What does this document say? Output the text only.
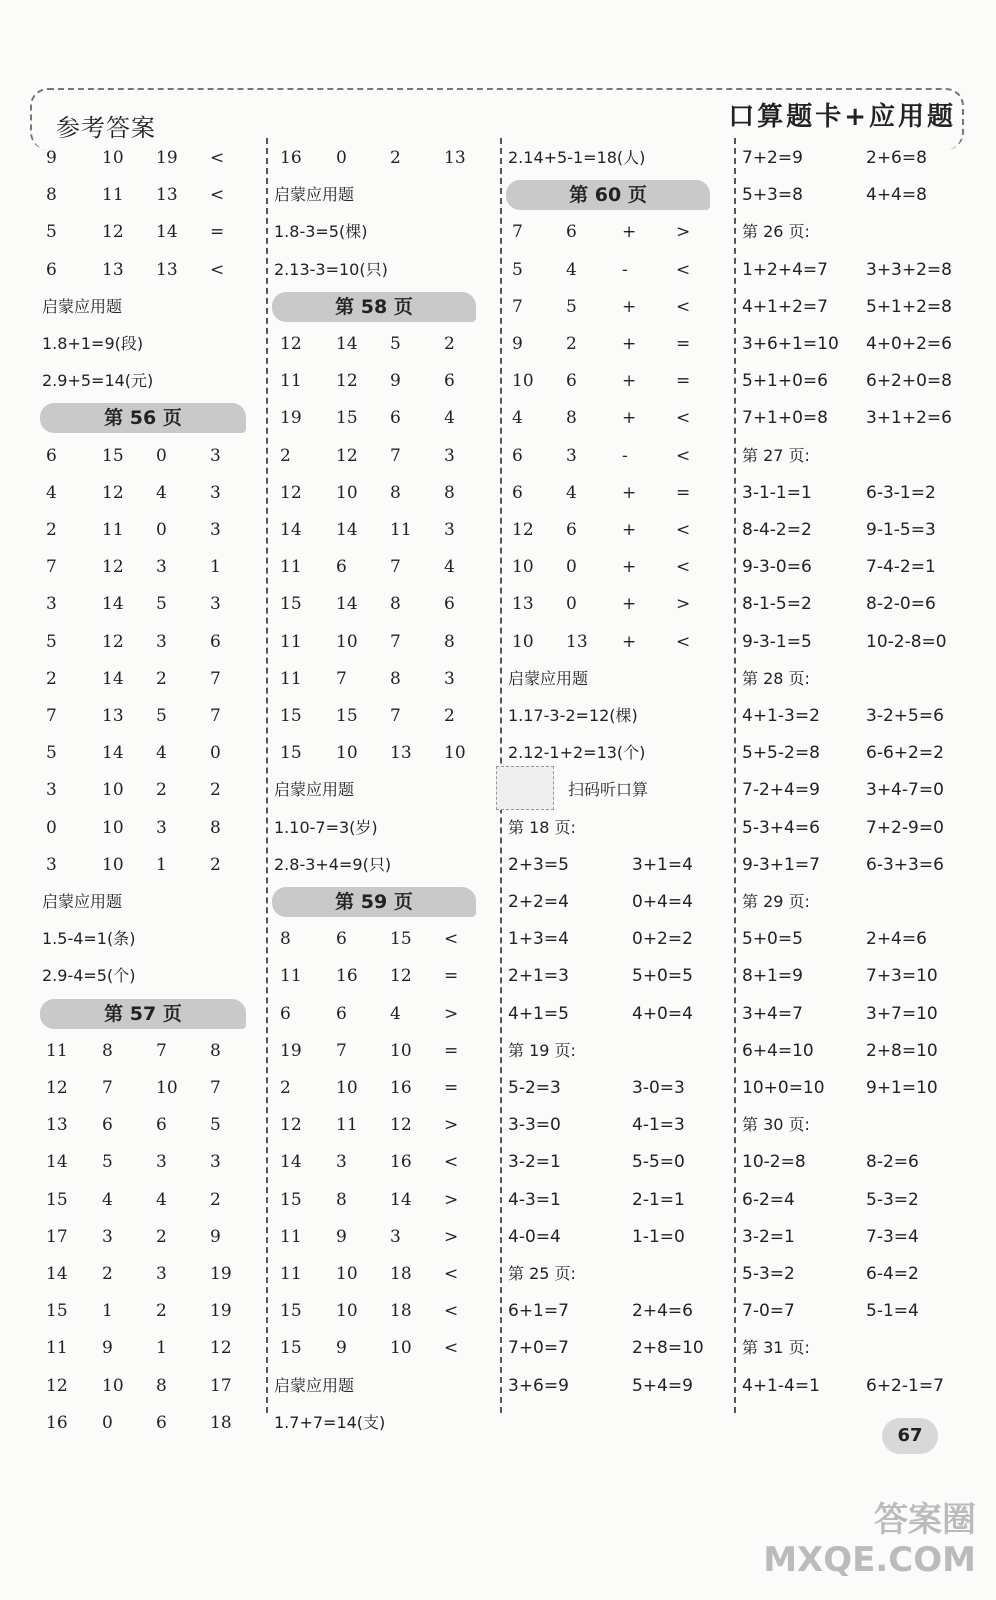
参考答案	口算题卡+应用题
9	10 19 <
8	11 13 <
5	12 14 =
6	13 13 <
启蒙应用题
1.8+1=9(段)
2.9+5=14(元)
第 56 页
6	15 0	3
4	12 4	3
2	11 0	3
7	12 3	1
3	14 5	3
5	12 3	6
2	14 2	7
7	13 5	7
5	14 4	0
3	10 2	2
0	10 3	8
3	10 1	2
启蒙应用题
1.5-4=1(条)
2.9-4=5(个)
第 57 页
11 8	7	8
12 7	10 7
13 6	6	5
14 5	3	3
15 4	4	2
17 3	2	9
14 2	3	19
15 1	2	19
11 9	1	12
12 10 8	17
16 0	6	18
16 0	2	13
启蒙应用题
1.8-3=5(棵)
2.13-3=10(只)
第 58 页
12 14 5	2
11 12 9	6
19 15 6	4
2	12 7	3
12 10 8	8
14 14 11 3
11 6	7	4
15 14 8	6
11 10 7	8
11 7	8	3
15 15 7	2
15 10 13 10
启蒙应用题
1.10-7=3(岁)
2.8-3+4=9(只)
第 59 页
8	6	15 <
11 16 12 =
6	6	4	>
19 7	10 =
2	10 16 =
12 11 12 >
14 3	16 <
15 8	14 >
11 9	3	>
11 10 18 <
15 10 18 <
15 9	10 <
启蒙应用题
1.7+7=14(支)
2.14+5-1=18(人)
第 60 页
7	6	+ >
5	4	-	<
7	5	+ <
9	2	+ =
10 6	+ =
4	8	+ <
6	3	-	<
6	4	+ =
12 6	+ <
10 0	+ <
13 0	+ >
10 13 + <
启蒙应用题
1.17-3-2=12(棵)
2.12-1+2=13(个)
扫码听口算
第 18 页:
2+3=5	3+1=4
2+2=4	0+4=4
1+3=4	0+2=2
2+1=3	5+0=5
4+1=5	4+0=4
第 19 页:
5-2=3	3-0=3
3-3=0	4-1=3
3-2=1	5-5=0
4-3=1	2-1=1
4-0=4	1-1=0
第 25 页:
6+1=7	2+4=6
7+0=7	2+8=10
3+6=9	5+4=9
7+2=9	2+6=8
5+3=8	4+4=8
第 26 页:
1+2+4=7 3+3+2=8
4+1+2=7 5+1+2=8
3+6+1=10 4+0+2=6
5+1+0=6 6+2+0=8
7+1+0=8 3+1+2=6
第 27 页:
3-1-1=1	6-3-1=2
8-4-2=2	9-1-5=3
9-3-0=6	7-4-2=1
8-1-5=2	8-2-0=6
9-3-1=5	10-2-8=0
第 28 页:
4+1-3=2	3-2+5=6
5+5-2=8	6-6+2=2
7-2+4=9	3+4-7=0
5-3+4=6	7+2-9=0
9-3+1=7	6-3+3=6
第 29 页:
5+0=5	2+4=6
8+1=9	7+3=10
3+4=7	3+7=10
6+4=10	2+8=10
10+0=10 9+1=10
第 30 页:
10-2=8	8-2=6
6-2=4	5-3=2
3-2=1	7-3=4
5-3=2	6-4=2
7-0=7	5-1=4
第 31 页:
4+1-4=1	6+2-1=7
67
答案圈
MXQE.COM
